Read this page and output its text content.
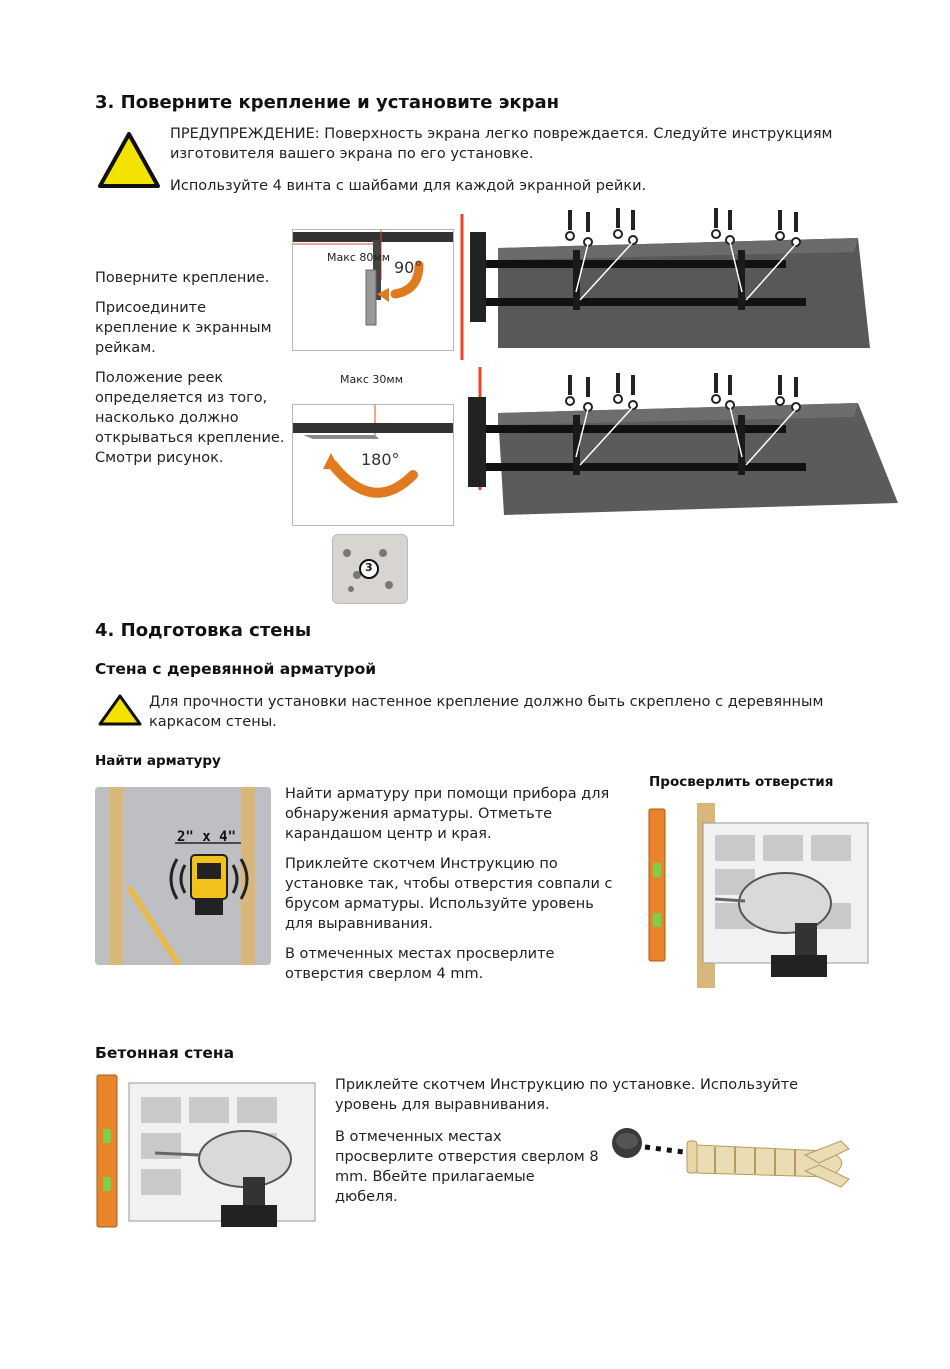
3. Поверните крепление и установите экран
ПРЕДУПРЕЖДЕНИЕ: Поверхность экрана легко повреждается. Следуйте инструкциям изготовителя вашего экрана по его установке.
Используйте 4 винта с шайбами для каждой экранной рейки.

Поверните крепление.

Присоедините крепление к экранным рейкам.

Положение реек определяется из того, насколько должно открываться крепление. Смотри рисунок.

Макс 80мм
90°
Макс 30мм
180°
3
4. Подготовка стены
Стена с деревянной арматурой
Для прочности установки настенное крепление должно быть скреплено с деревянным каркасом стены.
Найти арматуру
2" x 4"

Найти арматуру при помощи прибора для обнаружения арматуры. Отметьте карандашом центр и края.

Приклейте скотчем Инструкцию по установке так, чтобы отверстия совпали с брусом арматуры. Используйте уровень для выравнивания.

В отмеченных местах просверлите отверстия сверлом 4 mm.

Просверлить отверстия
Бетонная стена
Приклейте скотчем Инструкцию по установке. Используйте уровень для выравнивания.
В отмеченных местах просверлите отверстия сверлом 8 mm. Вбейте прилагаемые дюбеля.
